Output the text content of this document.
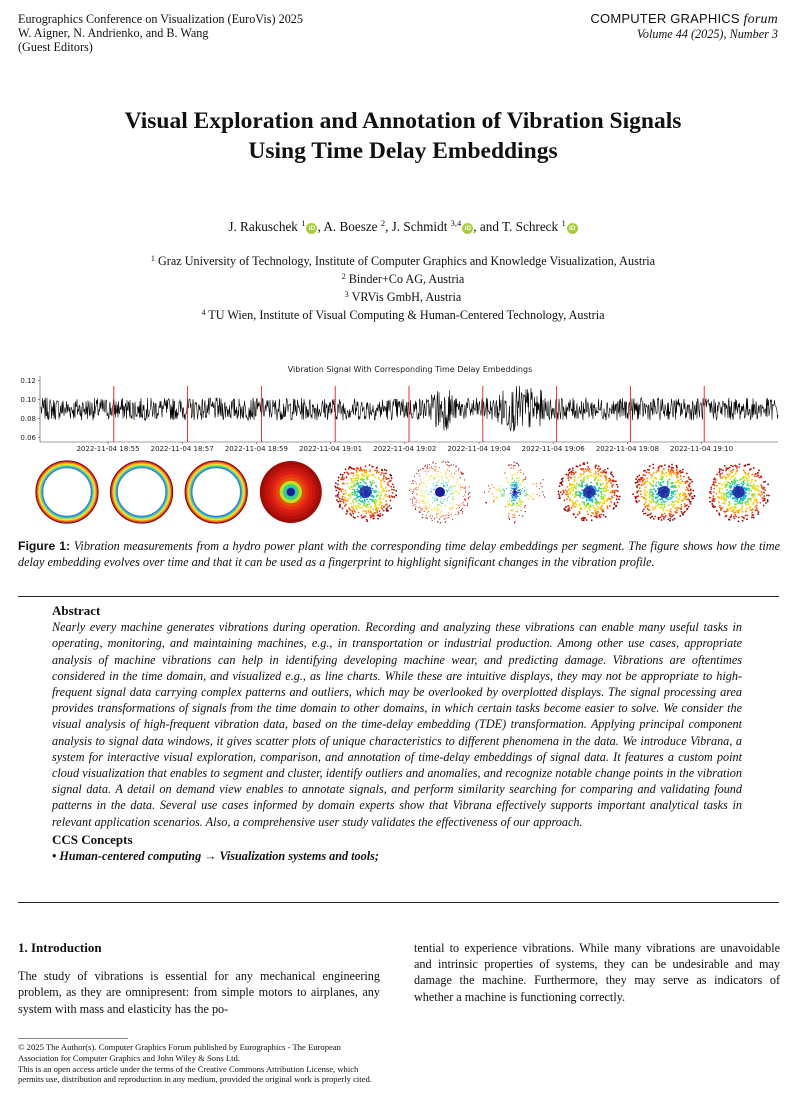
Eurographics Conference on Visualization (EuroVis) 2025
W. Aigner, N. Andrienko, and B. Wang
(Guest Editors)
COMPUTER GRAPHICS forum
Volume 44 (2025), Number 3
Visual Exploration and Annotation of Vibration Signals
Using Time Delay Embeddings
J. Rakuschek $^1$iD , A. Boesze $^2$, J. Schmidt $^{3,4}$iD , and T. Schreck $^1$iD
$^1$ Graz University of Technology, Institute of Computer Graphics and Knowledge Visualization, Austria
$^2$ Binder+Co AG, Austria
$^3$ VRVis GmbH, Austria
$^4$ TU Wien, Institute of Visual Computing & Human-Centered Technology, Austria
Vibration Signal With Corresponding Time Delay Embeddings
0.12
0.10
0.08
0.06
2022-11-04 18:55 2022-11-04 18:57 2022-11-04 18:59 2022-11-04 19:01 2022-11-04 19:02 2022-11-04 19:04 2022-11-04 19:06 2022-11-04 19:08 2022-11-04 19:10
Figure 1: Vibration measurements from a hydro power plant with the corresponding time delay embeddings per segment. The figure shows how the time delay embedding evolves over time and that it can be used as a fingerprint to highlight significant changes in the vibration profile.
Abstract
Nearly every machine generates vibrations during operation. Recording and analyzing these vibrations can enable many useful tasks in operating, monitoring, and maintaining machines, e.g., in transportation or industrial production. Among other use cases, appropriate analysis of machine vibrations can help in identifying developing machine wear, and predicting damage. Vibrations are oftentimes considered in the time domain, and visualized e.g., as line charts. While these are intuitive displays, they may not be appropriate to high-frequent signal data carrying complex patterns and outliers, which may be overlooked by overplotted displays. The signal processing area provides transformations of signals from the time domain to other domains, in which certain tasks become easier to solve. We consider the visual analysis of high-frequent vibration data, based on the time-delay embedding (TDE) transformation. Applying principal component analysis to signal data windows, it gives scatter plots of unique characteristics to different phenomena in the data. We introduce Vibrana, a system for interactive visual exploration, comparison, and annotation of time-delay embeddings of signal data. It features a custom point cloud visualization that enables to segment and cluster, identify outliers and anomalies, and recognize notable change points in the vibration signal data. A detail on demand view enables to annotate signals, and perform similarity searching for comparing and validating found patterns in the data. Several use cases informed by domain experts show that Vibrana effectively supports important analytical tasks in relevant application scenarios. Also, a comprehensive user study validates the effectiveness of our approach.
CCS Concepts
• Human-centered computing → Visualization systems and tools;
1. Introduction
The study of vibrations is essential for any mechanical engineering problem, as they are omnipresent: from simple motors to airplanes, any system with mass and elasticity has the po-
tential to experience vibrations. While many vibrations are unavoidable and intrinsic properties of systems, they can be undesirable and may damage the machine. Furthermore, they may serve as indicators of whether a machine is functioning correctly.
© 2025 The Author(s). Computer Graphics Forum published by Eurographics - The European Association for Computer Graphics and John Wiley & Sons Ltd.
This is an open access article under the terms of the Creative Commons Attribution License, which permits use, distribution and reproduction in any medium, provided the original work is properly cited.
